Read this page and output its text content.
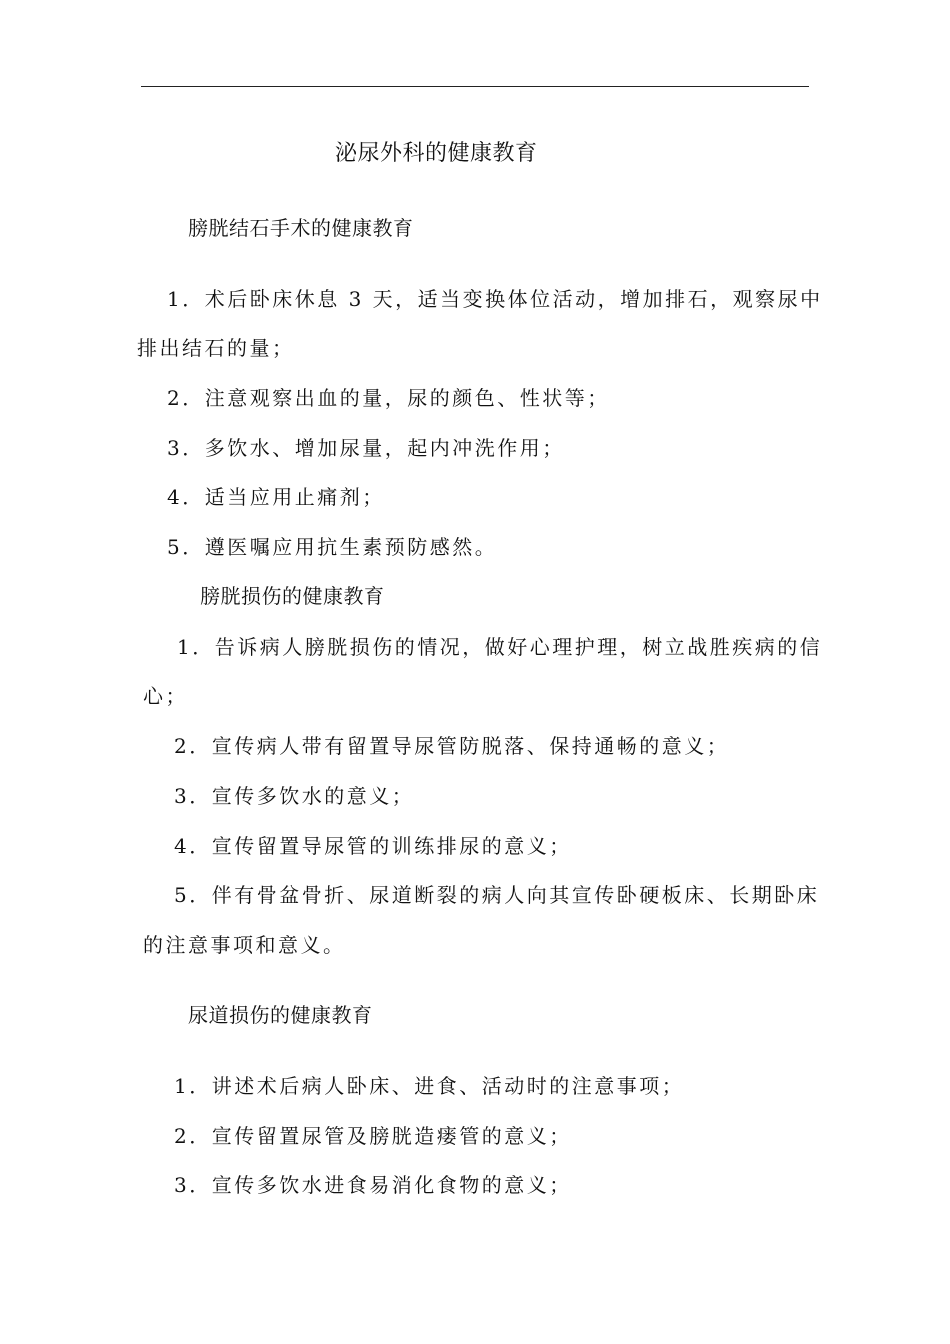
泌尿外科的健康教育
膀胱结石手术的健康教育
1．术后卧床休息 3 天，适当变换体位活动，增加排石，观察尿中
排出结石的量；
2．注意观察出血的量，尿的颜色、性状等；
3．多饮水、增加尿量，起内冲洗作用；
4．适当应用止痛剂；
5．遵医嘱应用抗生素预防感然。
膀胱损伤的健康教育
1．告诉病人膀胱损伤的情况，做好心理护理，树立战胜疾病的信
心；
2．宣传病人带有留置导尿管防脱落、保持通畅的意义；
3．宣传多饮水的意义；
4．宣传留置导尿管的训练排尿的意义；
5．伴有骨盆骨折、尿道断裂的病人向其宣传卧硬板床、长期卧床
的注意事项和意义。
尿道损伤的健康教育
1．讲述术后病人卧床、进食、活动时的注意事项；
2．宣传留置尿管及膀胱造瘘管的意义；
3．宣传多饮水进食易消化食物的意义；
